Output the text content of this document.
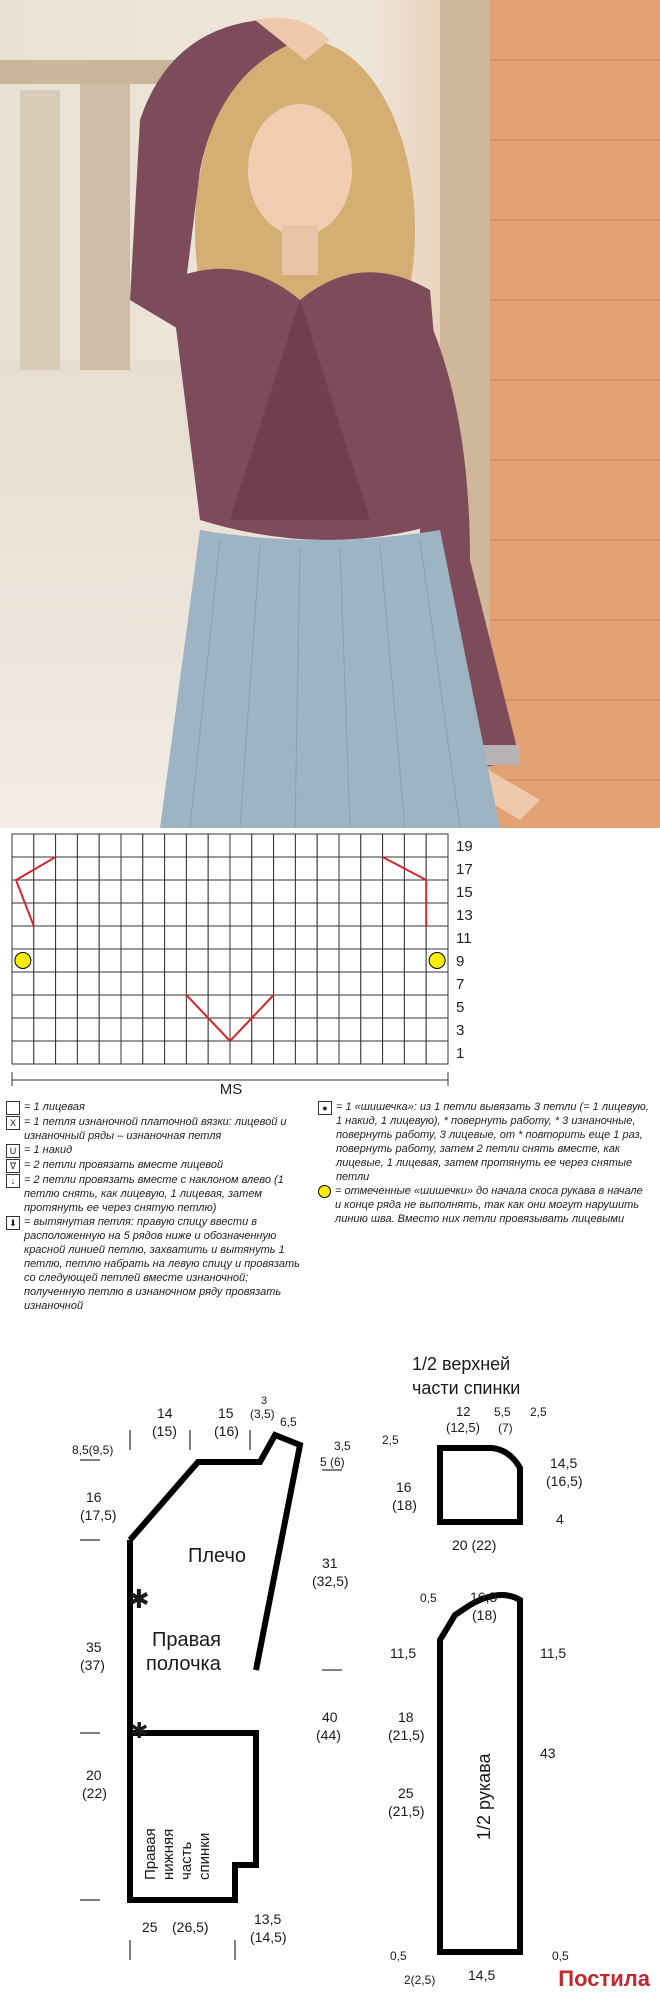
19
17
15
13
11
9
7
5
3
1
MS
= 1 лицевая
X = 1 петля изнаночной платочной вязки: лицевой и изнаночный ряды – изнаночная петля
U = 1 накид
∇ = 2 петли провязать вместе лицевой
↓ = 2 петли провязать вместе с наклоном влево (1 петлю снять, как лицевую, 1 лицевая, затем протянуть ее через снятую петлю)
⬇ = вытянутая петля: правую спицу ввести в расположенную на 5 рядов ниже и обозначенную красной линией петлю, захватить и вытянуть 1 петлю, петлю набрать на левую спицу и провязать со следующей петлей вместе изнаночной; полученную петлю в изнаночном ряду провязать изнаночной
● = 1 «шишечка»: из 1 петли вывязать 3 петли (= 1 лицевую, 1 накид, 1 лицевую), * повернуть работу, * 3 изнаночные, повернуть работу, 3 лицевые, от * повторить еще 1 раз, повернуть работу, затем 2 петли снять вместе, как лицевые, 1 лицевая, затем протянуть ее через снятые петли
= отмеченные «шишечки» до начала скоса рукава в начале и конце ряда не выполнять, так как они могут нарушить линию шва. Вместо них петли провязывать лицевыми
✱
✱
14
(15)
15
(16)
3
(3,5)
6,5
3,5
5 (6)
8,5(9,5)
16
(17,5)
31
(32,5)
35
(37)
40
(44)
20
(22)
25 (26,5)	13,5
(14,5)
Плечо
Правая
полочка
Правая нижняя часть спинки
1/2 рукава
1/2 верхней
части спинки
12
(12,5)
5,5
(7)
2,5
2,5
16
(18)
14,5
(16,5)
4
20 (22)
0,5 16,5
(18)
11,5	11,5
18
(21,5)
25
(21,5)
43
0,5	0,5
2(2,5) 14,5	Постила
